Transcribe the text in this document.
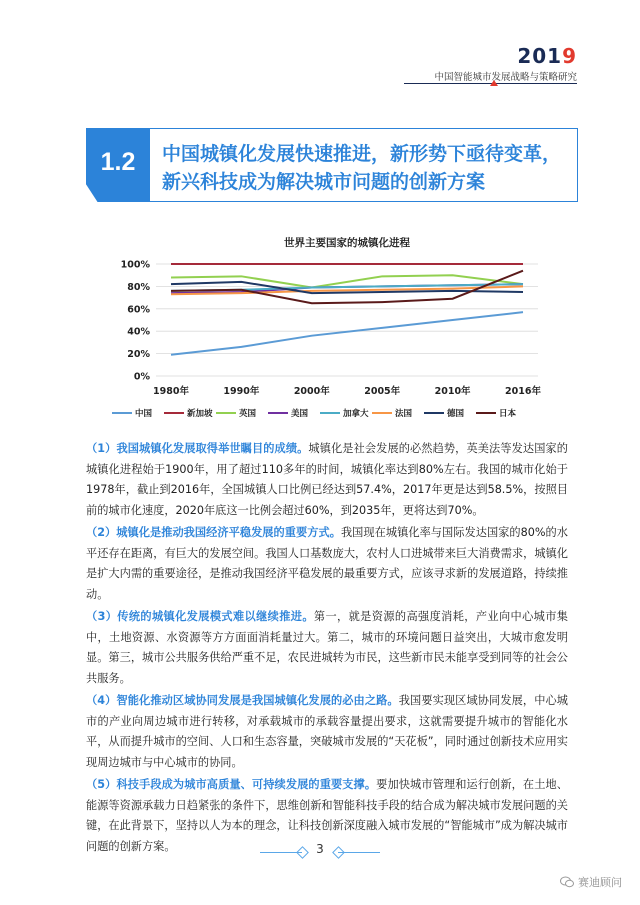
2019
中国智能城市发展战略与策略研究
1.2	中国城镇化发展快速推进，新形势下亟待变革，
新兴科技成为解决城市问题的创新方案
世界主要国家的城镇化进程
0%
20%
40%
60%
80%
100%
1980年	1990年	2000年	2005年	2010年	2016年
中国	新加坡	英国	美国	加拿大	法国	德国	日本

（1）我国城镇化发展取得举世瞩目的成绩。城镇化是社会发展的必然趋势，英美法等发达国家的城镇化进程始于1900年，用了超过110多年的时间，城镇化率达到80%左右。我国的城市化始于1978年，截止到2016年，全国城镇人口比例已经达到57.4%，2017年更是达到58.5%，按照目前的城市化速度，2020年底这一比例会超过60%，到2035年，更将达到70%。

（2）城镇化是推动我国经济平稳发展的重要方式。我国现在城镇化率与国际发达国家的80%的水平还存在距离，有巨大的发展空间。我国人口基数庞大，农村人口进城带来巨大消费需求，城镇化是扩大内需的重要途径，是推动我国经济平稳发展的最重要方式，应该寻求新的发展道路，持续推动。

（3）传统的城镇化发展模式难以继续推进。第一，就是资源的高强度消耗，产业向中心城市集中，土地资源、水资源等方方面面消耗量过大。第二，城市的环境问题日益突出，大城市愈发明显。第三，城市公共服务供给严重不足，农民进城转为市民，这些新市民未能享受到同等的社会公共服务。

（4）智能化推动区域协同发展是我国城镇化发展的必由之路。我国要实现区域协同发展，中心城市的产业向周边城市进行转移，对承载城市的承载容量提出要求，这就需要提升城市的智能化水平，从而提升城市的空间、人口和生态容量，突破城市发展的“天花板”，同时通过创新技术应用实现周边城市与中心城市的协同。

（5）科技手段成为城市高质量、可持续发展的重要支撑。要加快城市管理和运行创新，在土地、能源等资源承载力日趋紧张的条件下，思维创新和智能科技手段的结合成为解决城市发展问题的关键，在此背景下，坚持以人为本的理念，让科技创新深度融入城市发展的“智能城市”成为解决城市问题的创新方案。	3
赛迪顾问
